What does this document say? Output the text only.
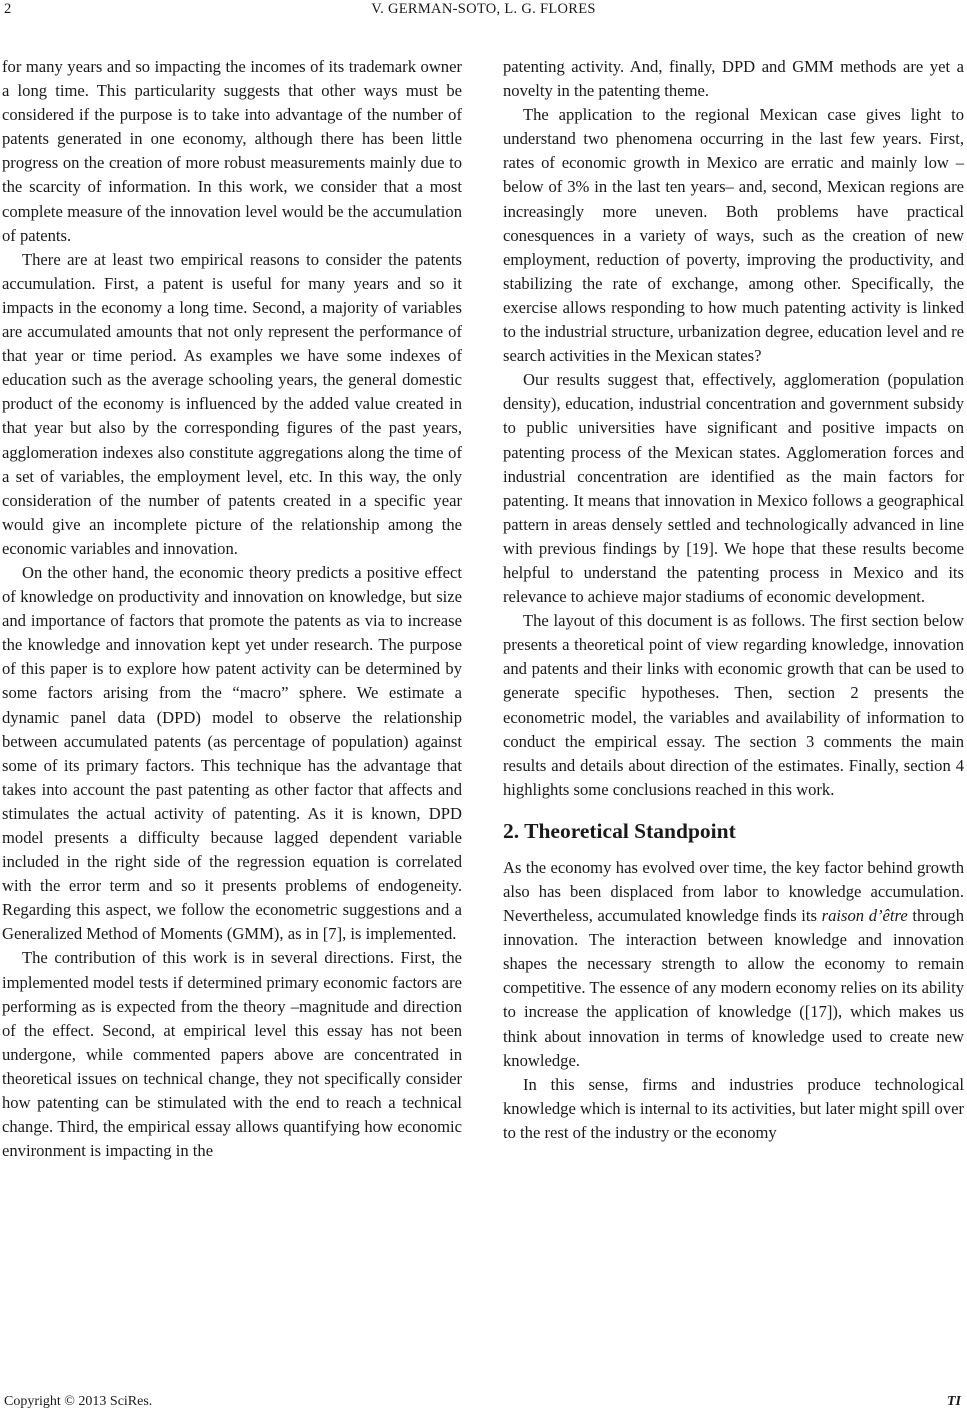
2	V. GERMAN-SOTO, L. G. FLORES

for many years and so impacting the incomes of its trademark owner a long time. This particularity suggests that other ways must be considered if the purpose is to take into advantage of the number of patents generated in one economy, although there has been little progress on the creation of more robust measurements mainly due to the scarcity of information. In this work, we consider that a most complete measure of the innovation level would be the accumulation of patents.

There are at least two empirical reasons to consider the patents accumulation. First, a patent is useful for many years and so it impacts in the economy a long time. Second, a majority of variables are accumulated amounts that not only represent the performance of that year or time period. As examples we have some indexes of education such as the average schooling years, the general domestic product of the economy is influenced by the added value created in that year but also by the corresponding figures of the past years, agglomeration indexes also constitute aggregations along the time of a set of variables, the employment level, etc. In this way, the only consideration of the number of patents created in a specific year would give an incomplete picture of the relationship among the economic variables and innovation.

On the other hand, the economic theory predicts a positive effect of knowledge on productivity and innovation on knowledge, but size and importance of factors that promote the patents as via to increase the knowledge and innovation kept yet under research. The purpose of this paper is to explore how patent activity can be determined by some factors arising from the “macro” sphere. We estimate a dynamic panel data (DPD) model to observe the relationship between accumulated patents (as percentage of population) against some of its primary factors. This technique has the advantage that takes into account the past patenting as other factor that affects and stimulates the actual activity of patenting. As it is known, DPD model presents a difficulty because lagged dependent variable included in the right side of the regression equation is correlated with the error term and so it presents problems of endogeneity. Regarding this aspect, we follow the econometric suggestions and a Generalized Method of Moments (GMM), as in [7], is implemented.

The contribution of this work is in several directions. First, the implemented model tests if determined primary economic factors are performing as is expected from the theory –magnitude and direction of the effect. Second, at empirical level this essay has not been undergone, while commented papers above are concentrated in theoretical issues on technical change, they not specifically consider how patenting can be stimulated with the end to reach a technical change. Third, the empirical essay allows quantifying how economic environment is impacting in the

patenting activity. And, finally, DPD and GMM methods are yet a novelty in the patenting theme.

The application to the regional Mexican case gives light to understand two phenomena occurring in the last few years. First, rates of economic growth in Mexico are erratic and mainly low –below of 3% in the last ten years– and, second, Mexican regions are increasingly more uneven. Both problems have practical conesquences in a variety of ways, such as the creation of new employment, reduction of poverty, improving the productivity, and stabilizing the rate of exchange, among other. Specifically, the exercise allows responding to how much patenting activity is linked to the industrial structure, urbanization degree, education level and re search activities in the Mexican states?

Our results suggest that, effectively, agglomeration (population density), education, industrial concentration and government subsidy to public universities have significant and positive impacts on patenting process of the Mexican states. Agglomeration forces and industrial concentration are identified as the main factors for patenting. It means that innovation in Mexico follows a geographical pattern in areas densely settled and technologically advanced in line with previous findings by [19]. We hope that these results become helpful to understand the patenting process in Mexico and its relevance to achieve major stadiums of economic development.

The layout of this document is as follows. The first section below presents a theoretical point of view regarding knowledge, innovation and patents and their links with economic growth that can be used to generate specific hypotheses. Then, section 2 presents the econometric model, the variables and availability of information to conduct the empirical essay. The section 3 comments the main results and details about direction of the estimates. Finally, section 4 highlights some conclusions reached in this work.

2. Theoretical Standpoint

As the economy has evolved over time, the key factor behind growth also has been displaced from labor to knowledge accumulation. Nevertheless, accumulated knowledge finds its raison d’être through innovation. The interaction between knowledge and innovation shapes the necessary strength to allow the economy to remain competitive. The essence of any modern economy relies on its ability to increase the application of knowledge ([17]), which makes us think about innovation in terms of knowledge used to create new knowledge.

In this sense, firms and industries produce technological knowledge which is internal to its activities, but later might spill over to the rest of the industry or the economy

Copyright © 2013 SciRes.	TI
